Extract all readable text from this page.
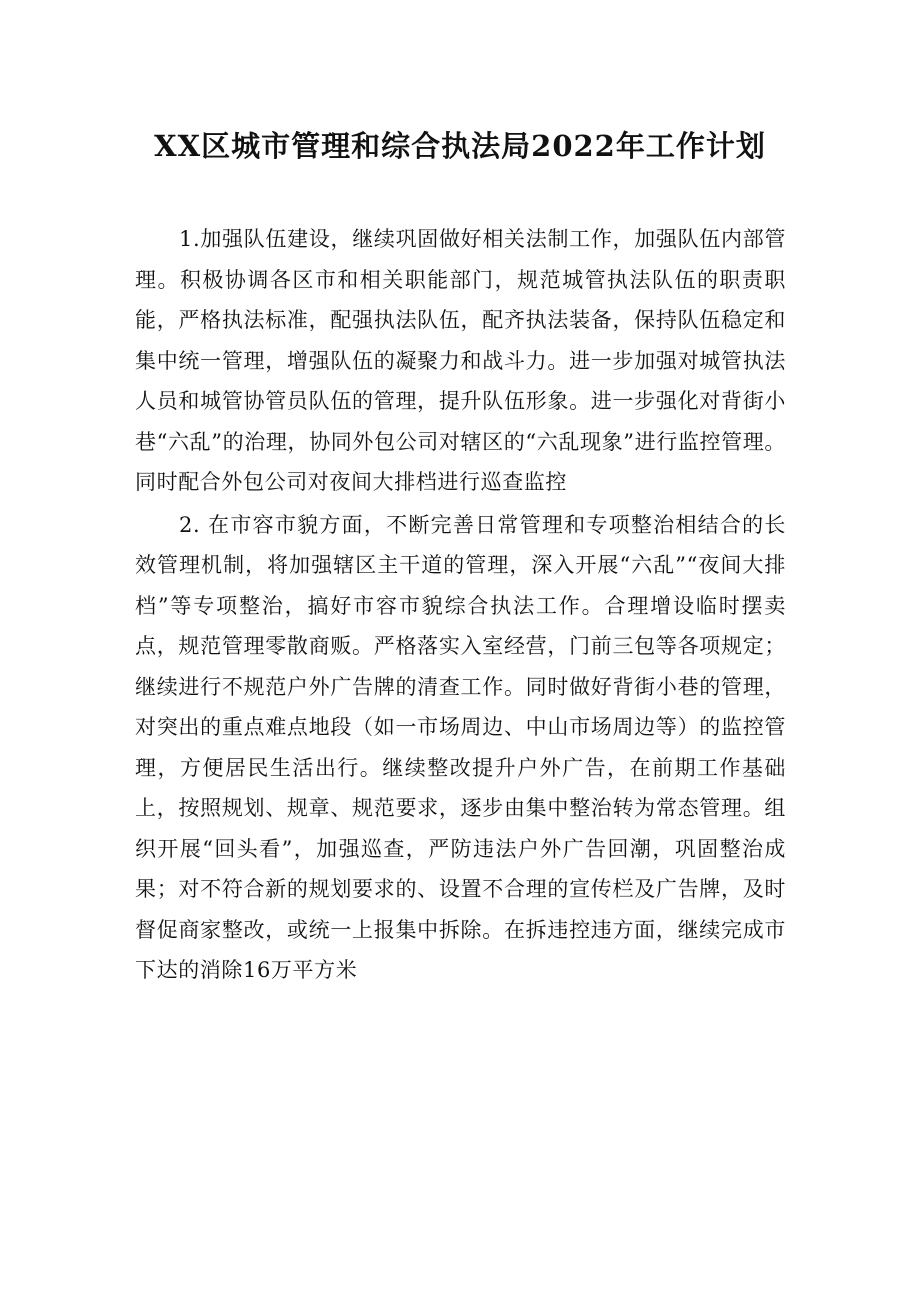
XX区城市管理和综合执法局2022年工作计划

1.加强队伍建设，继续巩固做好相关法制工作，加强队伍内部管理。积极协调各区市和相关职能部门，规范城管执法队伍的职责职能，严格执法标准，配强执法队伍，配齐执法装备，保持队伍稳定和集中统一管理，增强队伍的凝聚力和战斗力。进一步加强对城管执法人员和城管协管员队伍的管理，提升队伍形象。进一步强化对背街小巷“六乱”的治理，协同外包公司对辖区的“六乱现象”进行监控管理。同时配合外包公司对夜间大排档进行巡查监控

2. 在市容市貌方面，不断完善日常管理和专项整治相结合的长效管理机制，将加强辖区主干道的管理，深入开展“六乱”“夜间大排档”等专项整治，搞好市容市貌综合执法工作。合理增设临时摆卖点，规范管理零散商贩。严格落实入室经营，门前三包等各项规定；继续进行不规范户外广告牌的清查工作。同时做好背街小巷的管理，对突出的重点难点地段（如一市场周边、中山市场周边等）的监控管理，方便居民生活出行。继续整改提升户外广告，在前期工作基础上，按照规划、规章、规范要求，逐步由集中整治转为常态管理。组织开展“回头看”，加强巡查，严防违法户外广告回潮，巩固整治成果；对不符合新的规划要求的、设置不合理的宣传栏及广告牌，及时督促商家整改，或统一上报集中拆除。在拆违控违方面，继续完成市下达的消除16万平方米
